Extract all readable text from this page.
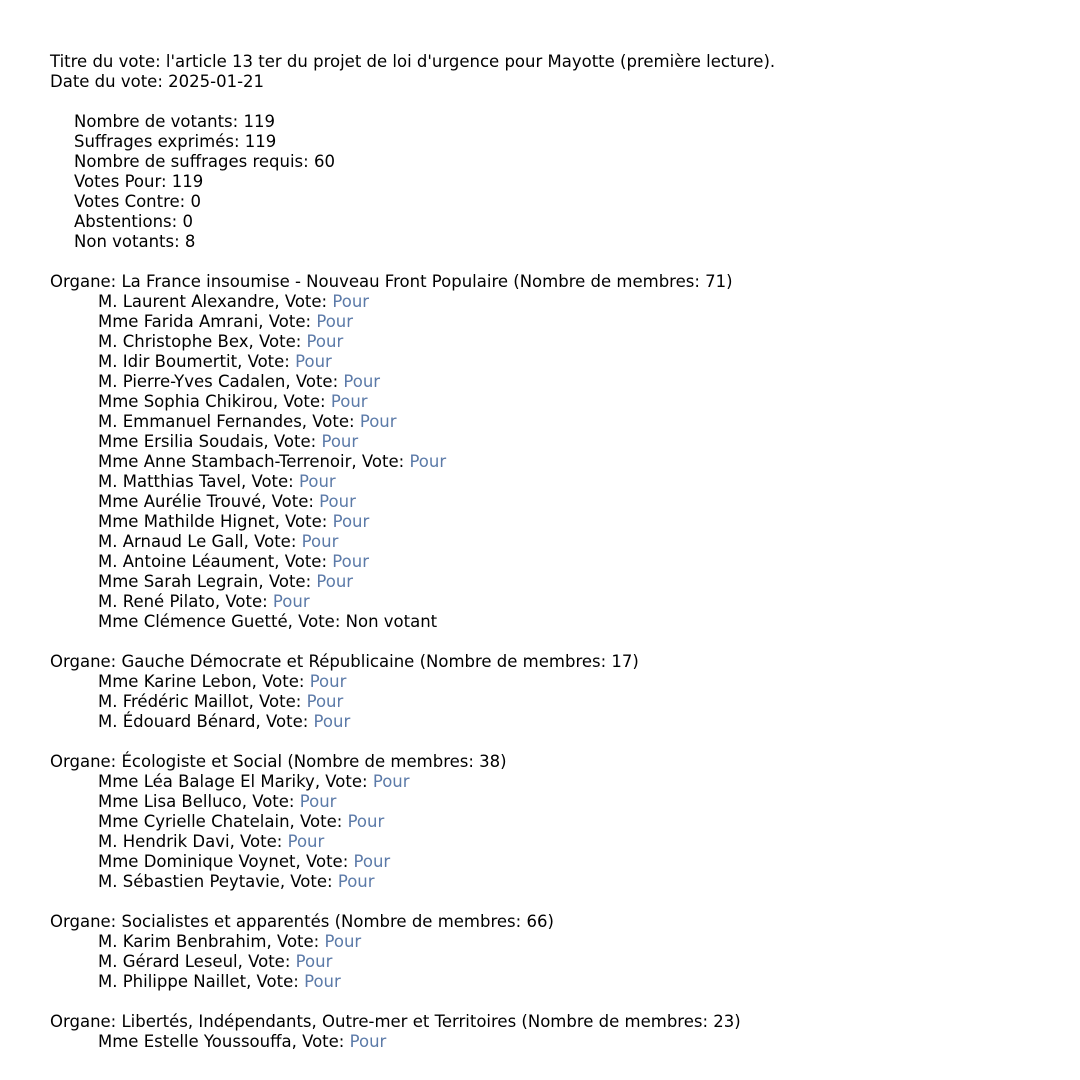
Titre du vote: l'article 13 ter du projet de loi d'urgence pour Mayotte (première lecture).
Date du vote: 2025-01-21
Nombre de votants: 119
Suffrages exprimés: 119
Nombre de suffrages requis: 60
Votes Pour: 119
Votes Contre: 0
Abstentions: 0
Non votants: 8
Organe: La France insoumise - Nouveau Front Populaire (Nombre de membres: 71)
M. Laurent Alexandre, Vote: Pour
Mme Farida Amrani, Vote: Pour
M. Christophe Bex, Vote: Pour
M. Idir Boumertit, Vote: Pour
M. Pierre-Yves Cadalen, Vote: Pour
Mme Sophia Chikirou, Vote: Pour
M. Emmanuel Fernandes, Vote: Pour
Mme Ersilia Soudais, Vote: Pour
Mme Anne Stambach-Terrenoir, Vote: Pour
M. Matthias Tavel, Vote: Pour
Mme Aurélie Trouvé, Vote: Pour
Mme Mathilde Hignet, Vote: Pour
M. Arnaud Le Gall, Vote: Pour
M. Antoine Léaument, Vote: Pour
Mme Sarah Legrain, Vote: Pour
M. René Pilato, Vote: Pour
Mme Clémence Guetté, Vote: Non votant
Organe: Gauche Démocrate et Républicaine (Nombre de membres: 17)
Mme Karine Lebon, Vote: Pour
M. Frédéric Maillot, Vote: Pour
M. Édouard Bénard, Vote: Pour
Organe: Écologiste et Social (Nombre de membres: 38)
Mme Léa Balage El Mariky, Vote: Pour
Mme Lisa Belluco, Vote: Pour
Mme Cyrielle Chatelain, Vote: Pour
M. Hendrik Davi, Vote: Pour
Mme Dominique Voynet, Vote: Pour
M. Sébastien Peytavie, Vote: Pour
Organe: Socialistes et apparentés (Nombre de membres: 66)
M. Karim Benbrahim, Vote: Pour
M. Gérard Leseul, Vote: Pour
M. Philippe Naillet, Vote: Pour
Organe: Libertés, Indépendants, Outre-mer et Territoires (Nombre de membres: 23)
Mme Estelle Youssouffa, Vote: Pour
